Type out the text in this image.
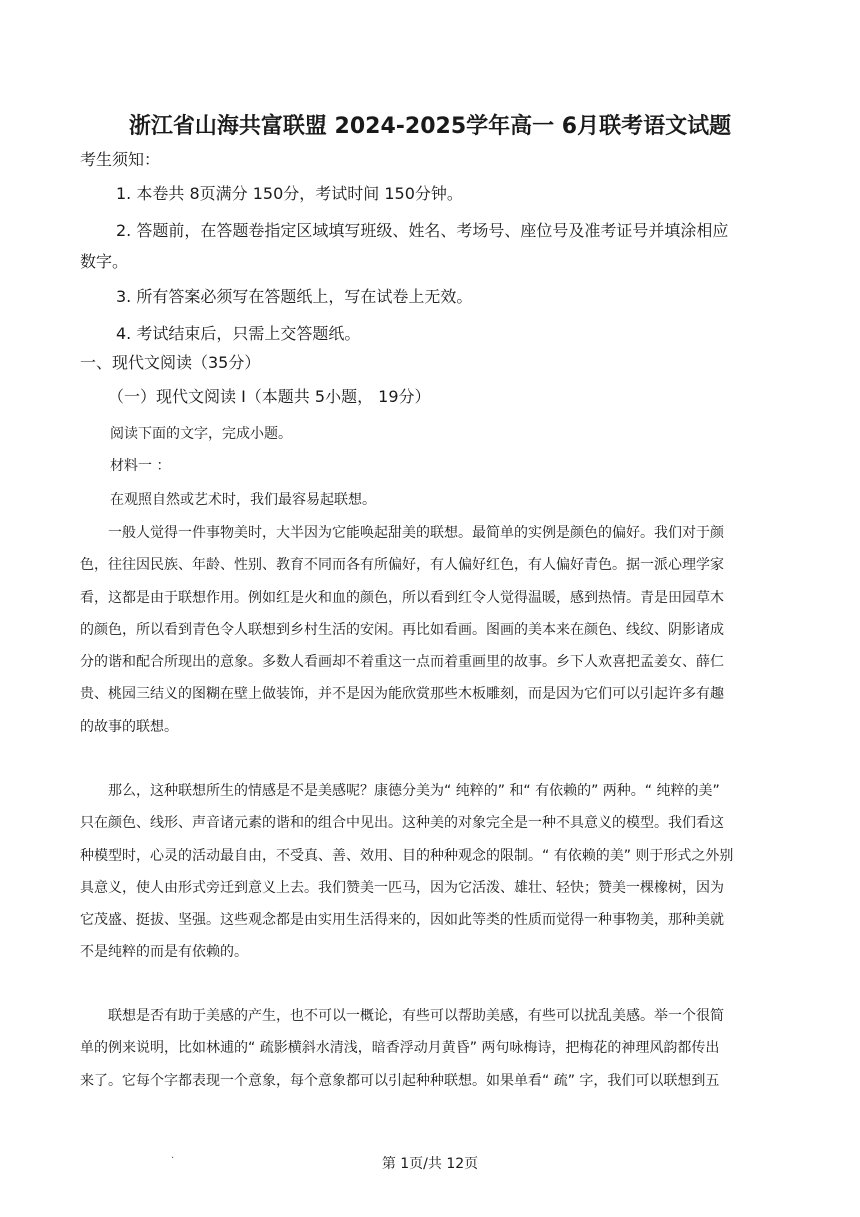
浙江省山海共富联盟 2024-2025学年高一 6月联考语文试题
考生须知：
1. 本卷共 8页满分 150分，考试时间 150分钟。
2. 答题前，在答题卷指定区域填写班级、姓名、考场号、座位号及准考证号并填涂相应
数字。
3. 所有答案必须写在答题纸上，写在试卷上无效。
4. 考试结束后，只需上交答题纸。
一、现代文阅读（35分）
（一）现代文阅读 I（本题共 5小题， 19分）
阅读下面的文字，完成小题。
材料一 ：

在观照自然或艺术时，我们最容易起联想。

一般人觉得一件事物美时，大半因为它能唤起甜美的联想。最简单的实例是颜色的偏好。我们对于颜
色，往往因民族、年龄、性别、教育不同而各有所偏好，有人偏好红色，有人偏好青色。据一派心理学家
看，这都是由于联想作用。例如红是火和血的颜色，所以看到红令人觉得温暖，感到热情。青是田园草木
的颜色，所以看到青色令人联想到乡村生活的安闲。再比如看画。图画的美本来在颜色、线纹、阴影诸成
分的谐和配合所现出的意象。多数人看画却不着重这一点而着重画里的故事。乡下人欢喜把孟姜女、薛仁
贵、桃园三结义的图糊在壁上做装饰，并不是因为能欣赏那些木板雕刻，而是因为它们可以引起许多有趣
的故事的联想。
那么，这种联想所生的情感是不是美感呢？康德分美为“ 纯粹的” 和“ 有依赖的” 两种。“ 纯粹的美”
只在颜色、线形、声音诸元素的谐和的组合中见出。这种美的对象完全是一种不具意义的模型。我们看这
种模型时，心灵的活动最自由，不受真、善、效用、目的种种观念的限制。“ 有依赖的美” 则于形式之外别
具意义，使人由形式旁迁到意义上去。我们赞美一匹马，因为它活泼、雄壮、轻快；赞美一棵橡树，因为
它茂盛、挺拔、坚强。这些观念都是由实用生活得来的，因如此等类的性质而觉得一种事物美，那种美就
不是纯粹的而是有依赖的。
联想是否有助于美感的产生，也不可以一概论，有些可以帮助美感，有些可以扰乱美感。举一个很简
单的例来说明，比如林逋的“ 疏影横斜水清浅，暗香浮动月黄昏” 两句咏梅诗，把梅花的神理风韵都传出
来了。它每个字都表现一个意象，每个意象都可以引起种种联想。如果单看“ 疏” 字，我们可以联想到五
.
第 1页/共 12页
